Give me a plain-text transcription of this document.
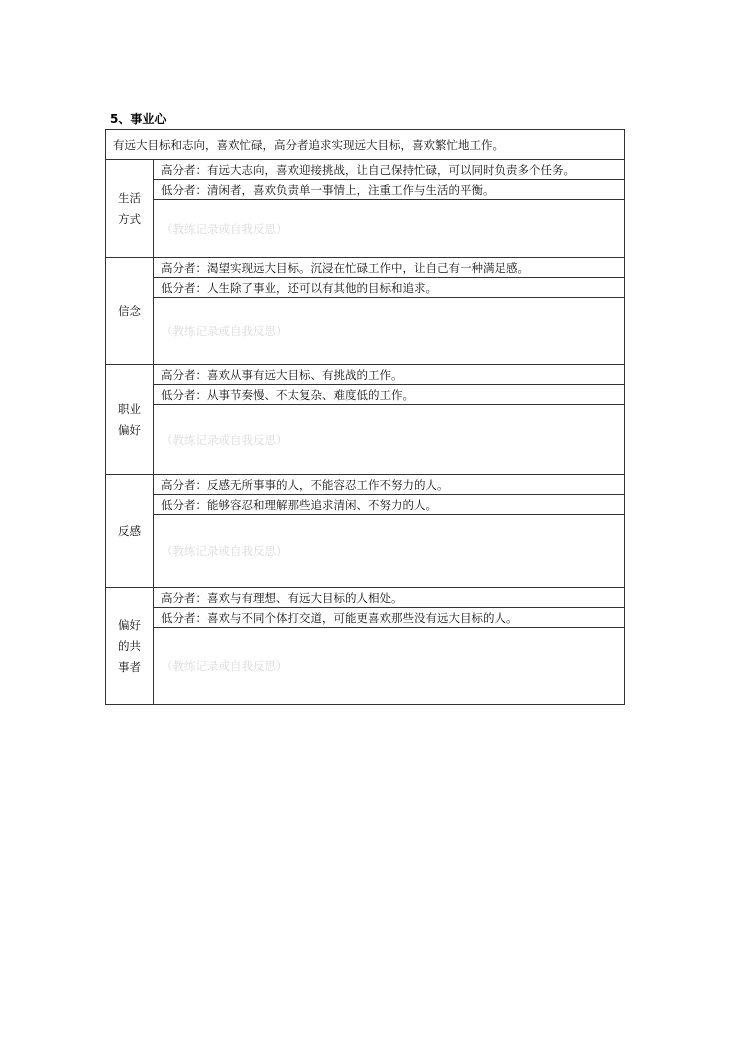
5、事业心
有远大目标和志向，喜欢忙碌，高分者追求实现远大目标，喜欢繁忙地工作。	
生活
方式	高分者：有远大志向，喜欢迎接挑战，让自己保持忙碌，可以同时负责多个任务。
	低分者：清闲者，喜欢负责单一事情上，注重工作与生活的平衡。
	（教练记录或自我反思）
信念	高分者：渴望实现远大目标。沉浸在忙碌工作中，让自己有一种满足感。
	低分者：人生除了事业，还可以有其他的目标和追求。
	（教练记录或自我反思）
职业
偏好	高分者：喜欢从事有远大目标、有挑战的工作。
	低分者：从事节奏慢、不太复杂、难度低的工作。
	（教练记录或自我反思）
反感	高分者：反感无所事事的人，不能容忍工作不努力的人。
	低分者：能够容忍和理解那些追求清闲、不努力的人。
	（教练记录或自我反思）
偏好
的共
事者	高分者：喜欢与有理想、有远大目标的人相处。
	低分者：喜欢与不同个体打交道，可能更喜欢那些没有远大目标的人。
	（教练记录或自我反思）
